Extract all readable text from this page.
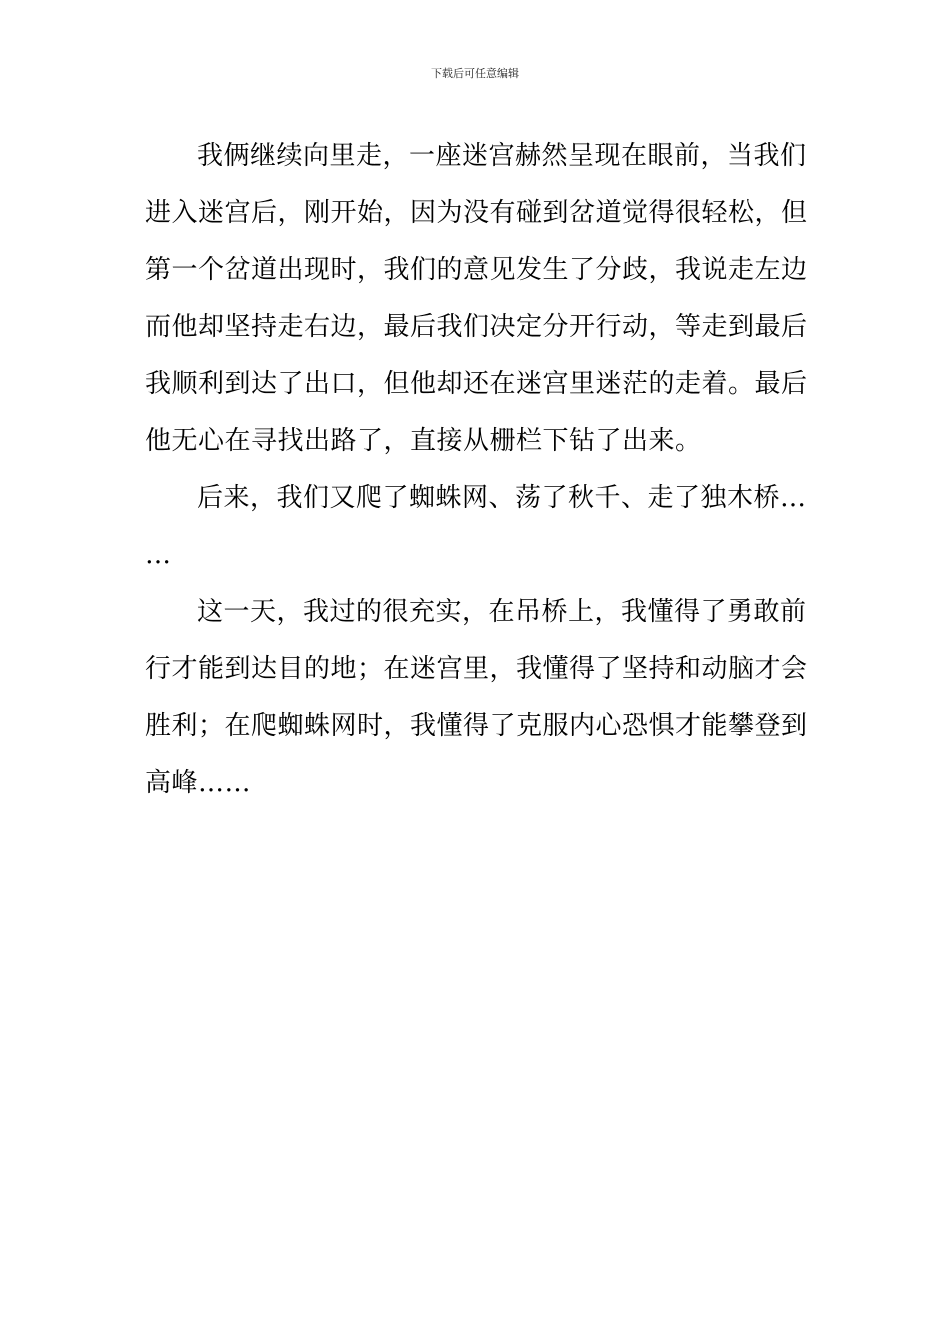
下载后可任意编辑
我俩继续向里走，一座迷宫赫然呈现在眼前，当我们
进入迷宫后，刚开始，因为没有碰到岔道觉得很轻松，但
第一个岔道出现时，我们的意见发生了分歧，我说走左边
而他却坚持走右边，最后我们决定分开行动，等走到最后
我顺利到达了出口，但他却还在迷宫里迷茫的走着。最后
他无心在寻找出路了，直接从栅栏下钻了出来。
后来，我们又爬了蜘蛛网、荡了秋千、走了独木桥…
…
这一天，我过的很充实，在吊桥上，我懂得了勇敢前
行才能到达目的地；在迷宫里，我懂得了坚持和动脑才会
胜利；在爬蜘蛛网时，我懂得了克服内心恐惧才能攀登到
高峰……
